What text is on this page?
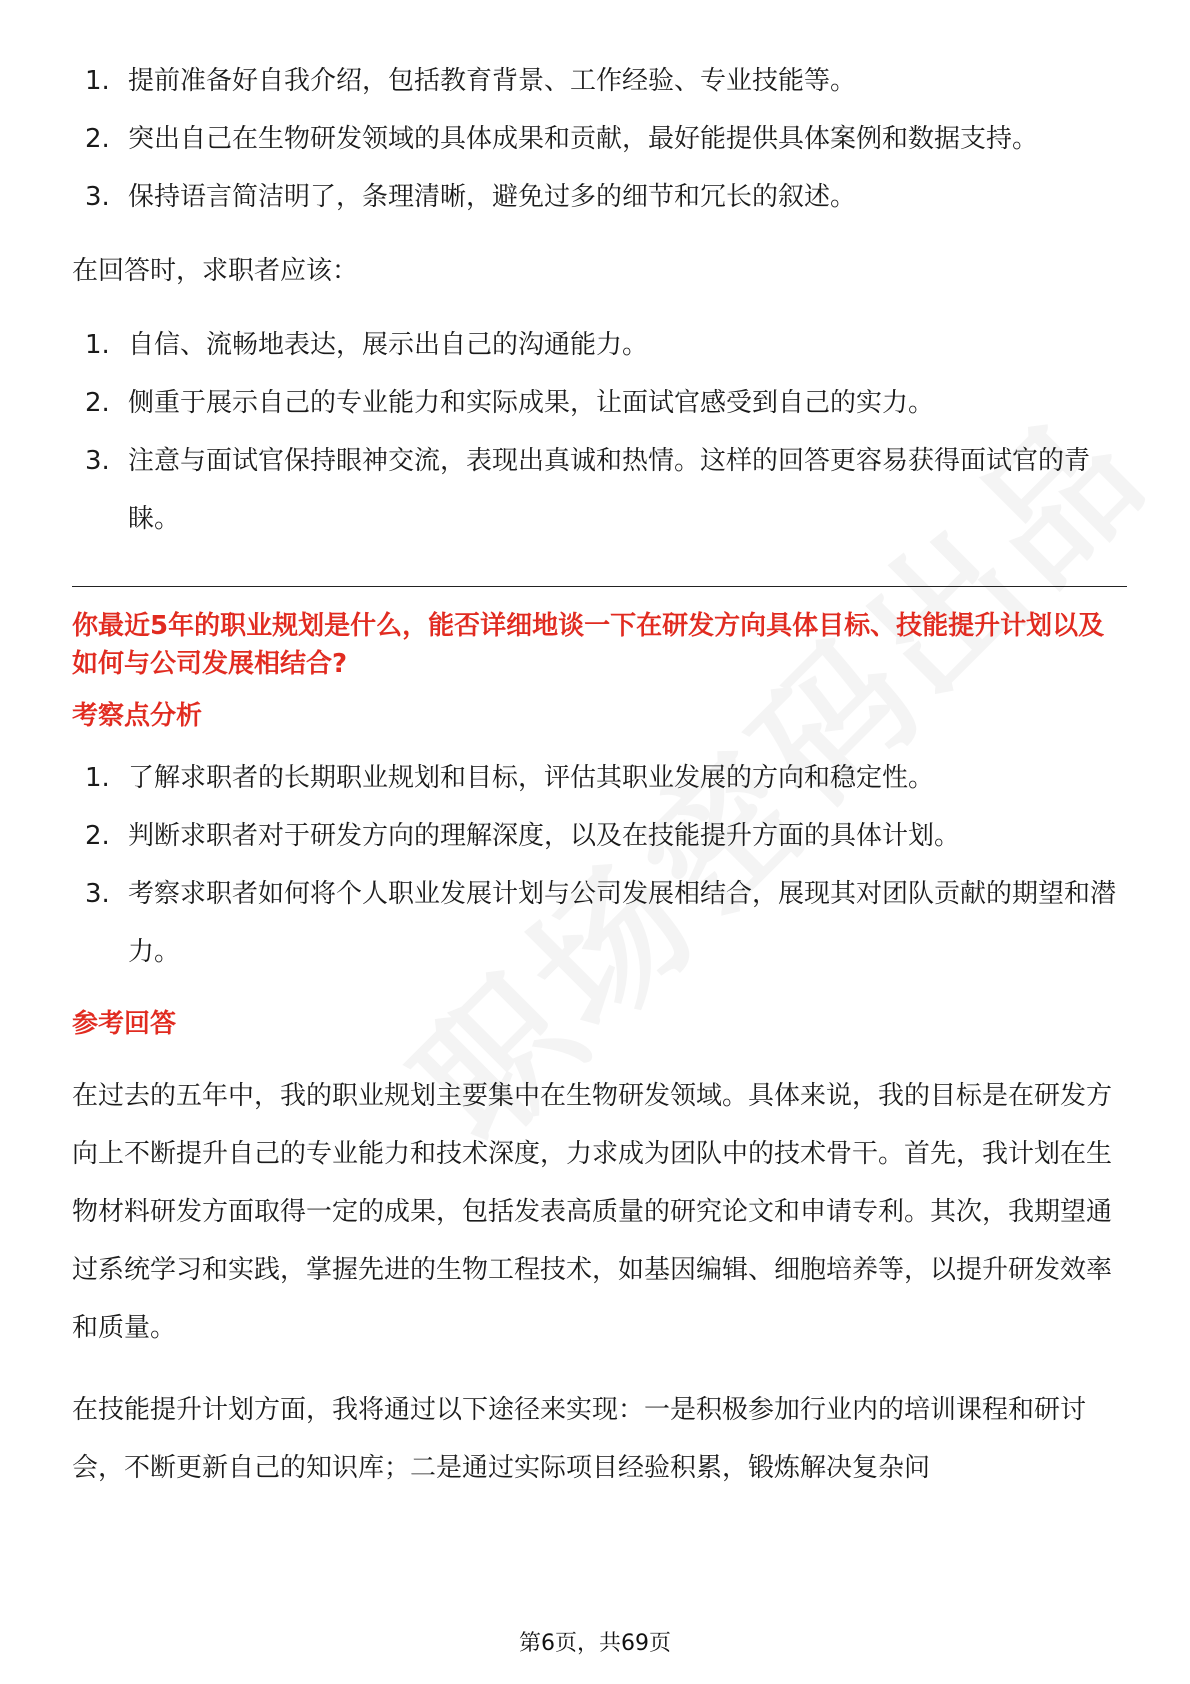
1. 提前准备好自我介绍，包括教育背景、工作经验、专业技能等。
2. 突出自己在生物研发领域的具体成果和贡献，最好能提供具体案例和数据支持。
3. 保持语言简洁明了，条理清晰，避免过多的细节和冗长的叙述。

在回答时，求职者应该：

1. 自信、流畅地表达，展示出自己的沟通能力。
2. 侧重于展示自己的专业能力和实际成果，让面试官感受到自己的实力。
3. 注意与面试官保持眼神交流，表现出真诚和热情。这样的回答更容易获得面试官的青睐。

你最近5年的职业规划是什么，能否详细地谈一下在研发方向具体目标、技能提升计划以及如何与公司发展相结合?

考察点分析

1. 了解求职者的长期职业规划和目标，评估其职业发展的方向和稳定性。
2. 判断求职者对于研发方向的理解深度，以及在技能提升方面的具体计划。
3. 考察求职者如何将个人职业发展计划与公司发展相结合，展现其对团队贡献的期望和潜力。

参考回答

在过去的五年中，我的职业规划主要集中在生物研发领域。具体来说，我的目标是在研发方向上不断提升自己的专业能力和技术深度，力求成为团队中的技术骨干。首先，我计划在生物材料研发方面取得一定的成果，包括发表高质量的研究论文和申请专利。其次，我期望通过系统学习和实践，掌握先进的生物工程技术，如基因编辑、细胞培养等，以提升研发效率和质量。

在技能提升计划方面，我将通过以下途径来实现：一是积极参加行业内的培训课程和研讨会，不断更新自己的知识库；二是通过实际项目经验积累，锻炼解决复杂问

第6页，共69页
